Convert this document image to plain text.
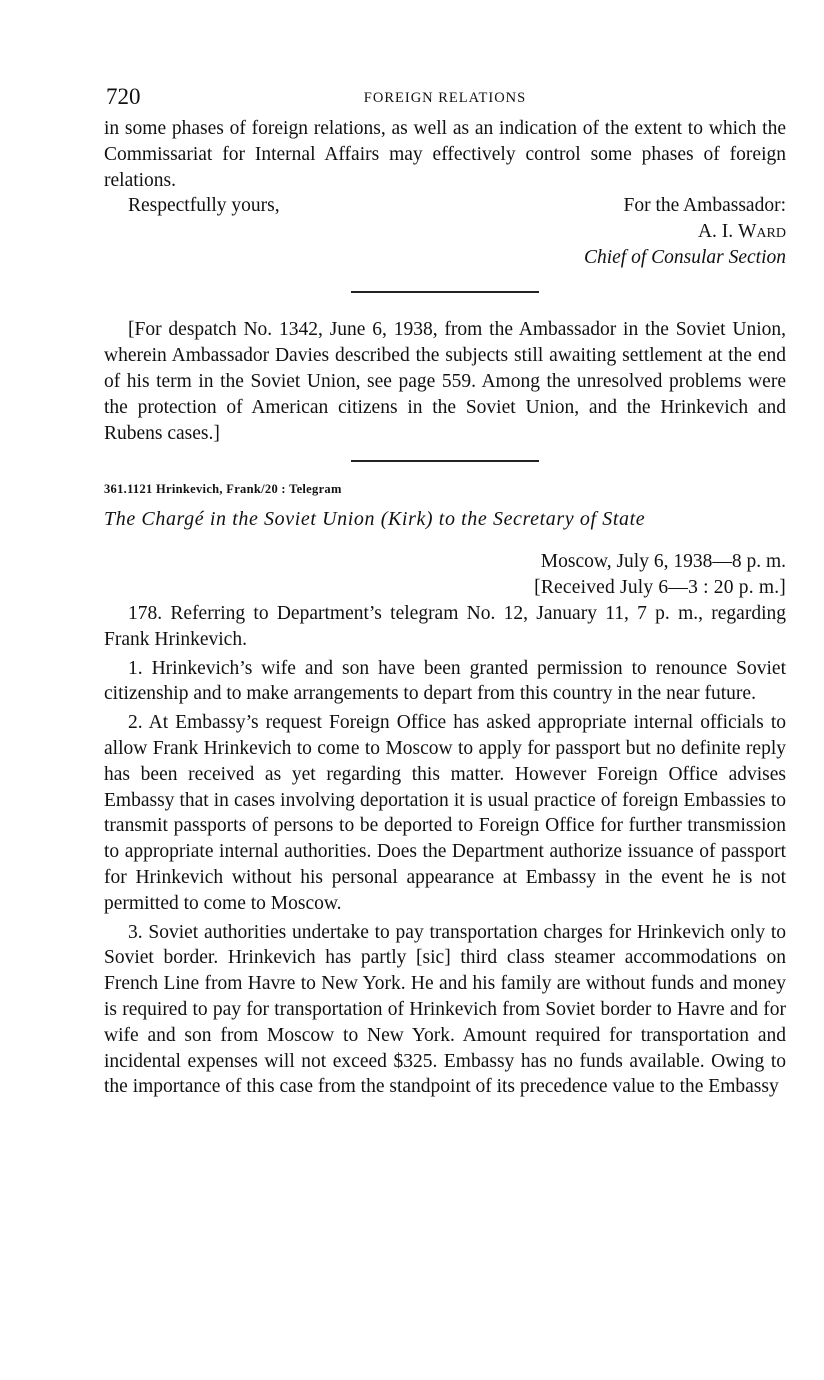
720	FOREIGN RELATIONS

in some phases of foreign relations, as well as an indication of the extent to which the Commissariat for Internal Affairs may effectively control some phases of foreign relations.

Respectfully yours,	For the Ambassador:
A. I. Ward
Chief of Consular Section

[For despatch No. 1342, June 6, 1938, from the Ambassador in the Soviet Union, wherein Ambassador Davies described the subjects still awaiting settlement at the end of his term in the Soviet Union, see page 559. Among the unresolved problems were the protection of American citizens in the Soviet Union, and the Hrinkevich and Rubens cases.]

361.1121 Hrinkevich, Frank/20 : Telegram
The Chargé in the Soviet Union (Kirk) to the Secretary of State
Moscow, July 6, 1938—8 p. m.
[Received July 6—3 : 20 p. m.]

178. Referring to Department’s telegram No. 12, January 11, 7 p. m., regarding Frank Hrinkevich.

1. Hrinkevich’s wife and son have been granted permission to renounce Soviet citizenship and to make arrangements to depart from this country in the near future.

2. At Embassy’s request Foreign Office has asked appropriate internal officials to allow Frank Hrinkevich to come to Moscow to apply for passport but no definite reply has been received as yet regarding this matter. However Foreign Office advises Embassy that in cases involving deportation it is usual practice of foreign Embassies to transmit passports of persons to be deported to Foreign Office for further transmission to appropriate internal authorities. Does the Department authorize issuance of passport for Hrinkevich without his personal appearance at Embassy in the event he is not permitted to come to Moscow.

3. Soviet authorities undertake to pay transportation charges for Hrinkevich only to Soviet border. Hrinkevich has partly [sic] third class steamer accommodations on French Line from Havre to New York. He and his family are without funds and money is required to pay for transportation of Hrinkevich from Soviet border to Havre and for wife and son from Moscow to New York. Amount required for transportation and incidental expenses will not exceed $325. Embassy has no funds available. Owing to the importance of this case from the standpoint of its precedence value to the Embassy
